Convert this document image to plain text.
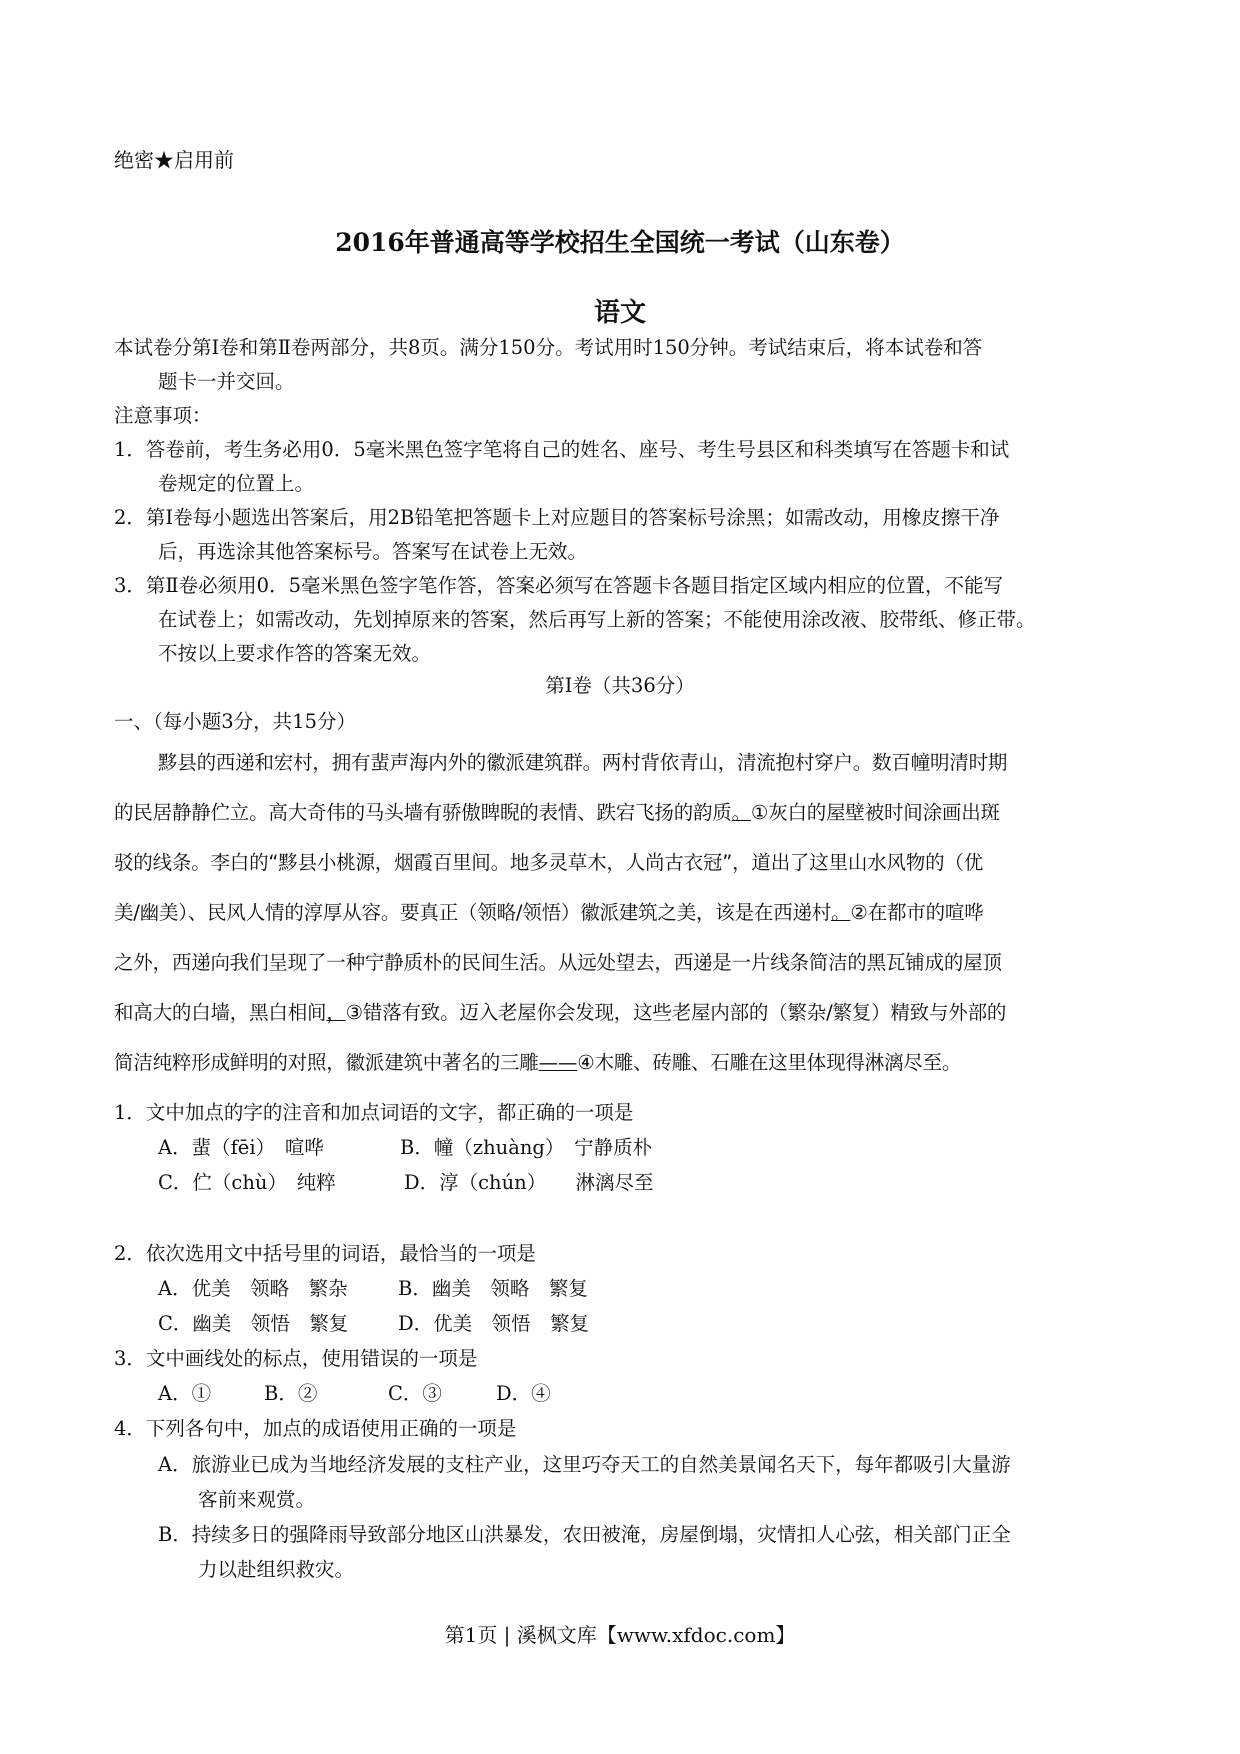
绝密★启用前
2016年普通高等学校招生全国统一考试（山东卷）
语文
本试卷分第Ⅰ卷和第Ⅱ卷两部分，共8页。满分150分。考试用时150分钟。考试结束后，将本试卷和答
题卡一并交回。
注意事项：
1．答卷前，考生务必用0．5毫米黑色签字笔将自己的姓名、座号、考生号县区和科类填写在答题卡和试
卷规定的位置上。
2．第Ⅰ卷每小题选出答案后，用2B铅笔把答题卡上对应题目的答案标号涂黑；如需改动，用橡皮擦干净
后，再选涂其他答案标号。答案写在试卷上无效。
3．第Ⅱ卷必须用0．5毫米黑色签字笔作答，答案必须写在答题卡各题目指定区域内相应的位置，不能写
在试卷上；如需改动，先划掉原来的答案，然后再写上新的答案；不能使用涂改液、胶带纸、修正带。
不按以上要求作答的答案无效。
第Ⅰ卷（共36分）
一、（每小题3分，共15分）
黟县的西递和宏村，拥有蜚声海内外的徽派建筑群。两村背依青山，清流抱村穿户。数百幢明清时期
的民居静静伫立。高大奇伟的马头墙有骄傲睥睨的表情、跌宕飞扬的韵质。①灰白的屋壁被时间涂画出斑
驳的线条。李白的“黟县小桃源，烟霞百里间。地多灵草木，人尚古衣冠”，道出了这里山水风物的（优
美/幽美）、民风人情的淳厚从容。要真正（领略/领悟）徽派建筑之美，该是在西递村。②在都市的喧哗
之外，西递向我们呈现了一种宁静质朴的民间生活。从远处望去，西递是一片线条简洁的黑瓦铺成的屋顶
和高大的白墙，黑白相间，③错落有致。迈入老屋你会发现，这些老屋内部的（繁杂/繁复）精致与外部的
简洁纯粹形成鲜明的对照，徽派建筑中著名的三雕——④木雕、砖雕、石雕在这里体现得淋漓尽至。
1．文中加点的字的注音和加点词语的文字，都正确的一项是
A．蜚（fēi）　喧哗	B．幢（zhuàng）　宁静质朴
C．伫（chù）　纯粹	D．淳（chún）　　淋漓尽至
2．依次选用文中括号里的词语，最恰当的一项是
A．优美　领略　繁杂	B．幽美　领略　繁复
C．幽美　领悟　繁复	D．优美　领悟　繁复
3．文中画线处的标点，使用错误的一项是
A．①	B．②	C．③	D．④
4．下列各句中，加点的成语使用正确的一项是
A．旅游业已成为当地经济发展的支柱产业，这里巧夺天工的自然美景闻名天下，每年都吸引大量游
客前来观赏。
B．持续多日的强降雨导致部分地区山洪暴发，农田被淹，房屋倒塌，灾情扣人心弦，相关部门正全
力以赴组织救灾。
第1页 | 溪枫文库【www.xfdoc.com】
